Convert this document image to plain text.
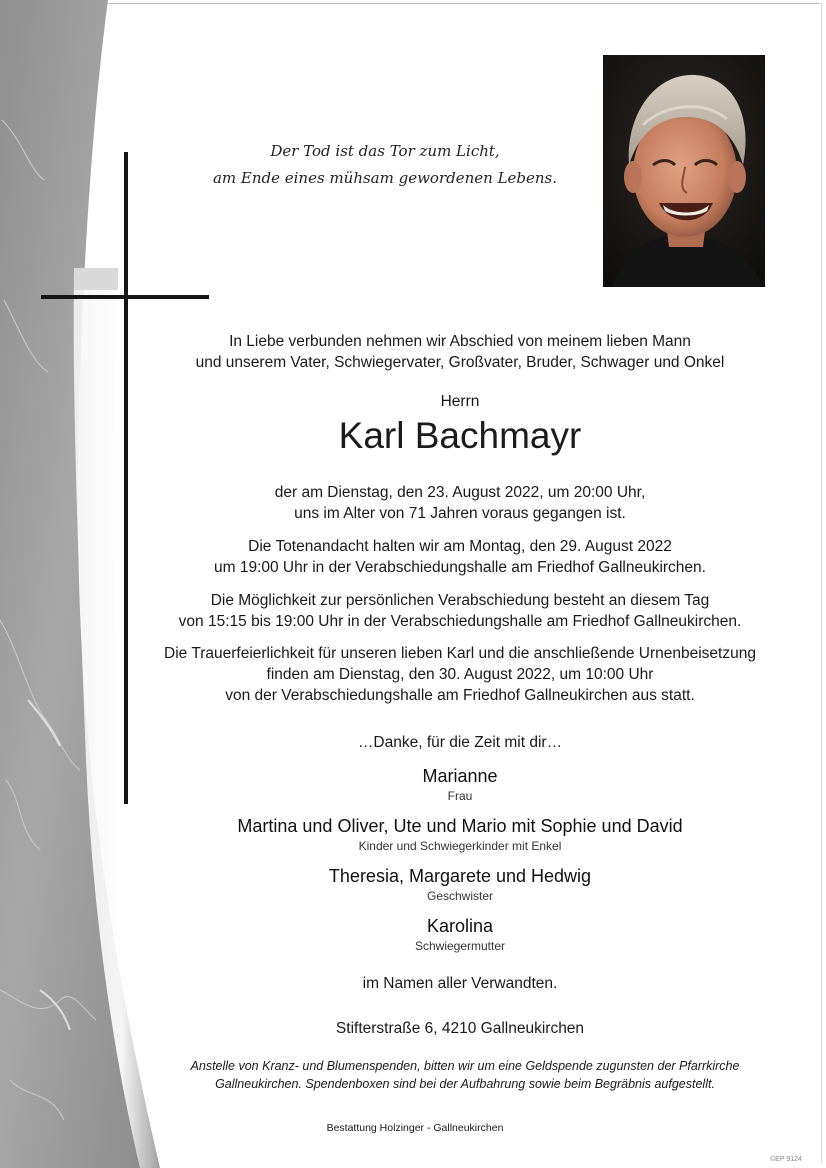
Der Tod ist das Tor zum Licht,
am Ende eines mühsam gewordenen Lebens.
In Liebe verbunden nehmen wir Abschied von meinem lieben Mann
und unserem Vater, Schwiegervater, Großvater, Bruder, Schwager und Onkel
Herrn
Karl Bachmayr
der am Dienstag, den 23. August 2022, um 20:00 Uhr,
uns im Alter von 71 Jahren voraus gegangen ist.
Die Totenandacht halten wir am Montag, den 29. August 2022
um 19:00 Uhr in der Verabschiedungshalle am Friedhof Gallneukirchen.
Die Möglichkeit zur persönlichen Verabschiedung besteht an diesem Tag
von 15:15 bis 19:00 Uhr in der Verabschiedungshalle am Friedhof Gallneukirchen.
Die Trauerfeierlichkeit für unseren lieben Karl und die anschließende Urnenbeisetzung
finden am Dienstag, den 30. August 2022, um 10:00 Uhr
von der Verabschiedungshalle am Friedhof Gallneukirchen aus statt.
…Danke, für die Zeit mit dir…
Marianne
Frau
Martina und Oliver, Ute und Mario mit Sophie und David
Kinder und Schwiegerkinder mit Enkel
Theresia, Margarete und Hedwig
Geschwister
Karolina
Schwiegermutter
im Namen aller Verwandten.
Stifterstraße 6, 4210 Gallneukirchen
Anstelle von Kranz- und Blumenspenden, bitten wir um eine Geldspende zugunsten der Pfarrkirche
Gallneukirchen. Spendenboxen sind bei der Aufbahrung sowie beim Begräbnis aufgestellt.
Bestattung Holzinger - Gallneukirchen
©EP 9124
